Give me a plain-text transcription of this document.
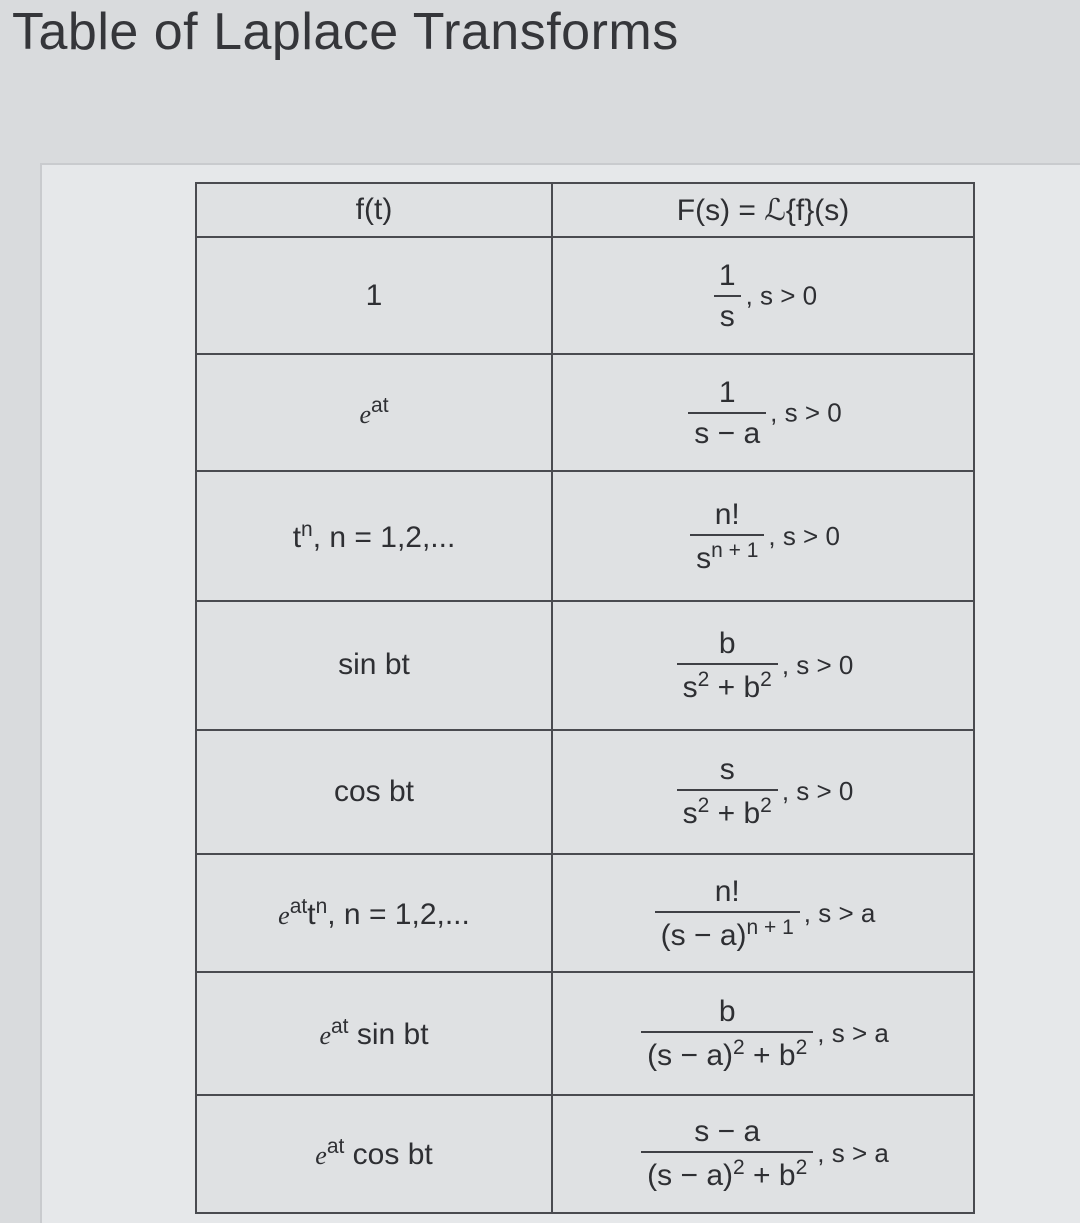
Table of Laplace Transforms
f(t)	F(s) = ℒ{f}(s)
1	$\frac{1}{s}$ , s > 0
$e^{at}$	$\frac{1}{s - a}$ , s > 0
$t^n$, n = 1,2,...	$\frac{n!}{s^{n + 1}}$ , s > 0
sin bt	$\frac{b}{s^2 + b^2}$ , s > 0
cos bt	$\frac{s}{s^2 + b^2}$ , s > 0
$e^{at}t^n$, n = 1,2,...	$\frac{n!}{(s - a)^{n + 1}}$ , s > a
$e^{at}$ sin bt	$\frac{b}{(s - a)^2 + b^2}$ , s > a
$e^{at}$ cos bt	$\frac{s - a}{(s - a)^2 + b^2}$ , s > a
